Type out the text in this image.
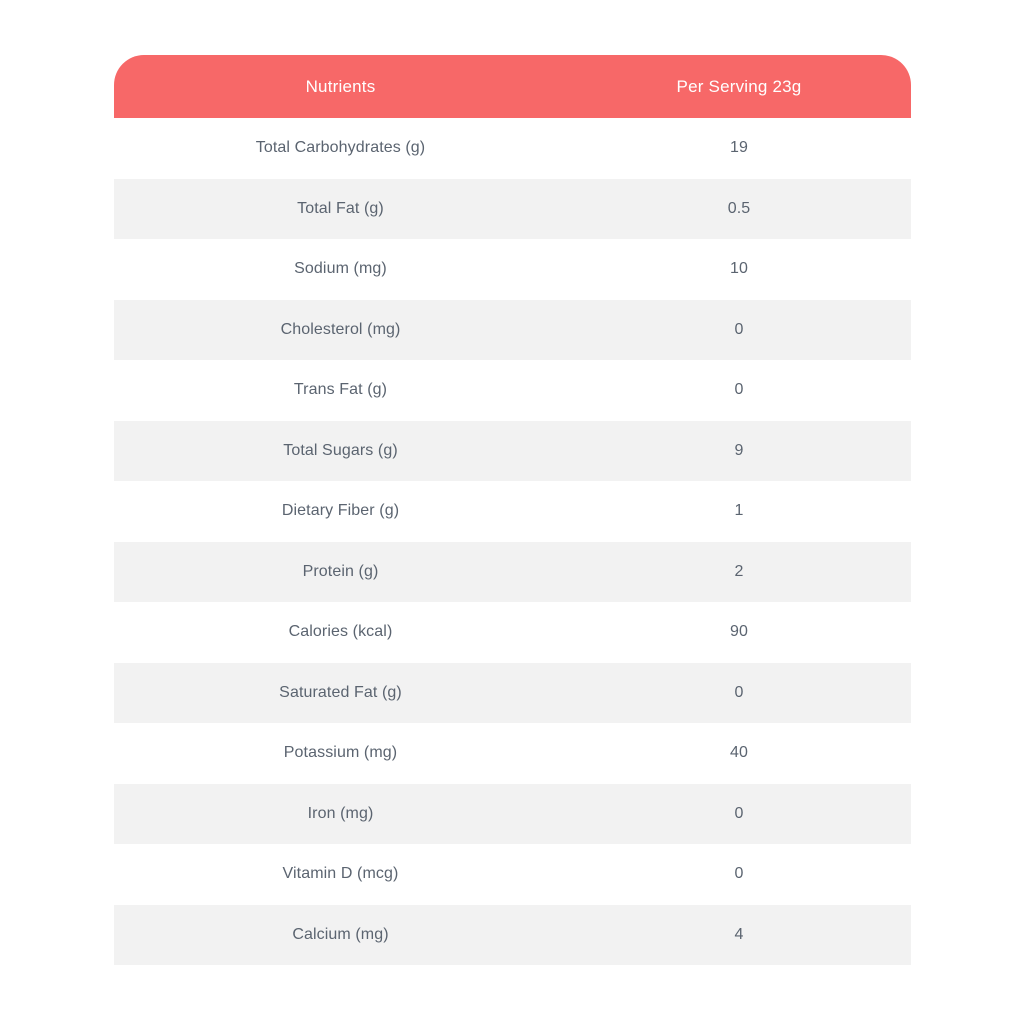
Nutrients	Per Serving 23g
Total Carbohydrates (g)	19
Total Fat (g)	0.5
Sodium (mg)	10
Cholesterol (mg)	0
Trans Fat (g)	0
Total Sugars (g)	9
Dietary Fiber (g)	1
Protein (g)	2
Calories (kcal)	90
Saturated Fat (g)	0
Potassium (mg)	40
Iron (mg)	0
Vitamin D (mcg)	0
Calcium (mg)	4
